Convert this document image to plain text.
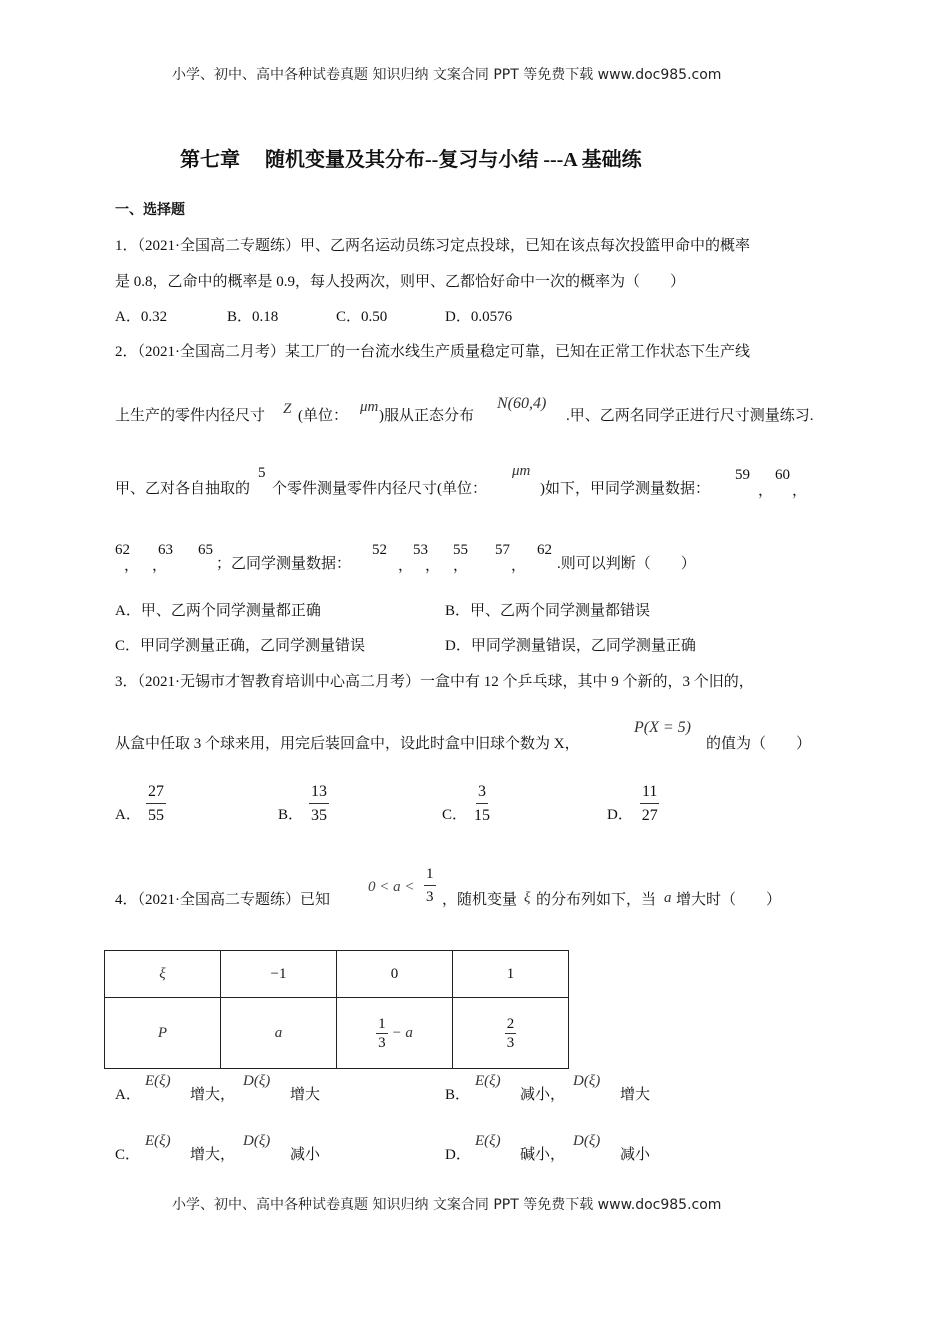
小学、初中、高中各种试卷真题 知识归纳 文案合同 PPT 等免费下载 www.doc985.com
第七章　 随机变量及其分布--复习与小结 ---A 基础练
一、选择题
1．（2021·全国高二专题练）甲、乙两名运动员练习定点投球，已知在该点每次投篮甲命中的概率
是 0.8，乙命中的概率是 0.9，每人投两次，则甲、乙都恰好命中一次的概率为（　　）
A．0.32	B．0.18	C．0.50	D．0.0576
2．（2021·全国高二月考）某工厂的一台流水线生产质量稳定可靠，已知在正常工作状态下生产线
上生产的零件内径尺寸 Z (单位：
μm
)服从正态分布
N(60,4)
.甲、乙两名同学正进行尺寸测量练习.
甲、乙对各自抽取的
5
个零件测量零件内径尺寸(单位：
μm
)如下，甲同学测量数据：
59
，
60
，
62
，
63
，
65
；乙同学测量数据：
52
，
53
，
55
，
57
，
62
.则可以判断（　　）
A．甲、乙两个同学测量都正确	B．甲、乙两个同学测量都错误
C．甲同学测量正确，乙同学测量错误	D．甲同学测量错误，乙同学测量正确
3．（2021·无锡市才智教育培训中心高二月考）一盒中有 12 个乒乓球，其中 9 个新的，3 个旧的，
从盒中任取 3 个球来用，用完后装回盒中，设此时盒中旧球个数为 X，
P(X = 5)
的值为（　　）
A． $\frac{27}{55}$	B． $\frac{13}{35}$	C． $\frac{3}{15}$	D． $\frac{11}{27}$
4．（2021·全国高二专题练）已知
$0 < a < \frac{1}{3}$ ，随机变量 ξ 的分布列如下，当 a 增大时（　　）
ξ	−1	0	1
P	a	$\frac{1}{3} - a$	$\frac{2}{3}$
A．
E(ξ)
增大，
D(ξ)
增大	B．
E(ξ)
减小，
D(ξ)
增大
C．
E(ξ)
增大，
D(ξ)
减小	D．
E(ξ)
碱小，
D(ξ)
减小
小学、初中、高中各种试卷真题 知识归纳 文案合同 PPT 等免费下载 www.doc985.com
